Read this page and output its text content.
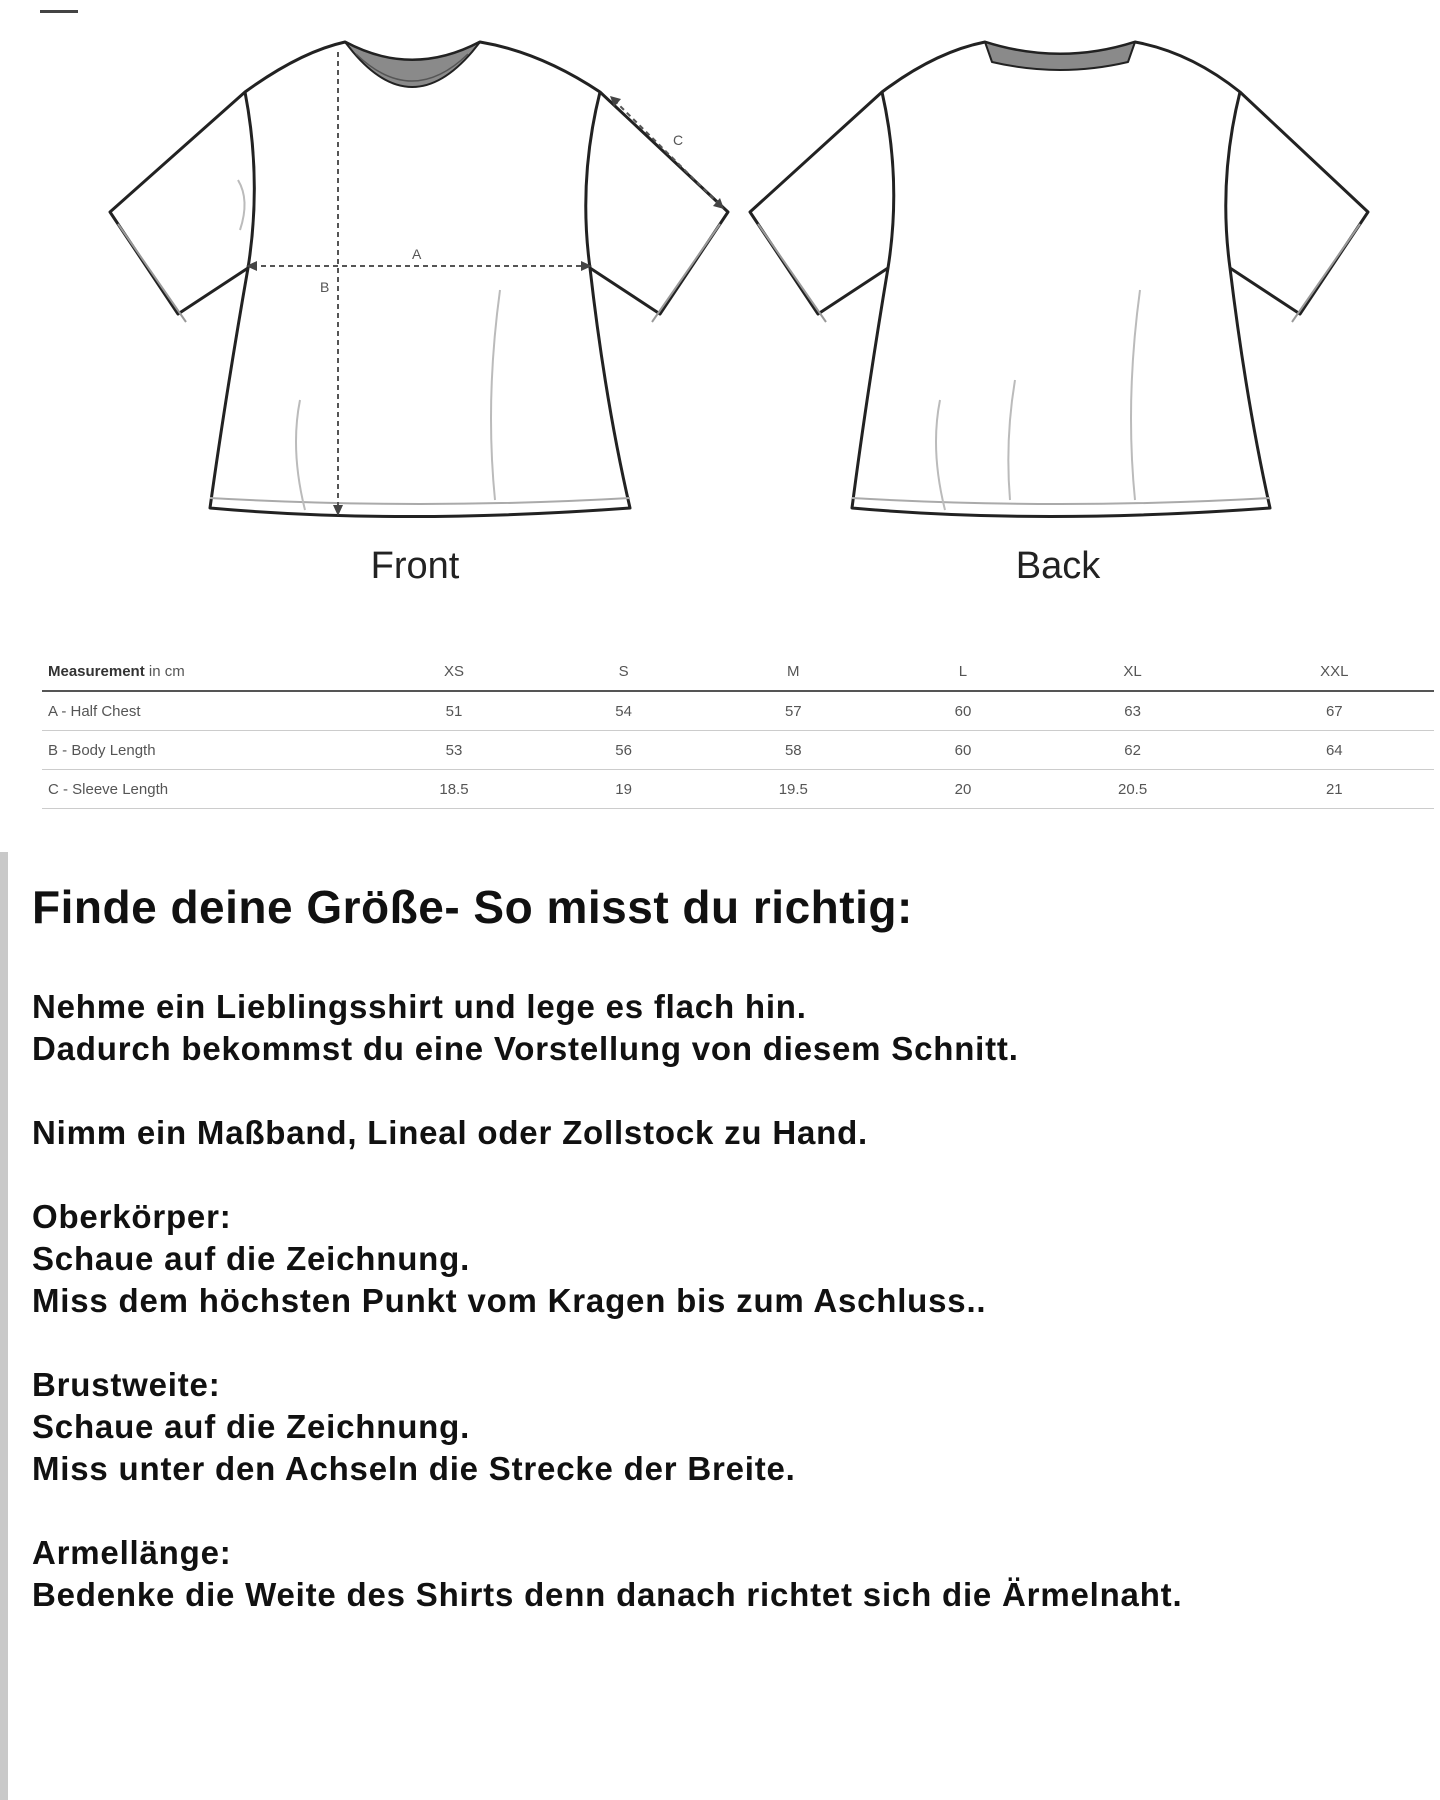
A
B
C
Front	Back
Measurement in cm	XS	S	M	L	XL	XXL
A - Half Chest	51	54	57	60	63	67
B - Body Length	53	56	58	60	62	64
C - Sleeve Length	18.5	19	19.5	20	20.5	21
Finde deine Größe- So misst du richtig:

Nehme ein Lieblingsshirt und lege es flach hin.

Dadurch bekommst du eine Vorstellung von diesem Schnitt.

Nimm ein Maßband, Lineal oder Zollstock zu Hand.

Oberkörper:

Schaue auf die Zeichnung.

Miss dem höchsten Punkt vom Kragen bis zum Aschluss..

Brustweite:

Schaue auf die Zeichnung.

Miss unter den Achseln die Strecke der Breite.

Armellänge:

Bedenke die Weite des Shirts denn danach richtet sich die Ärmelnaht.
